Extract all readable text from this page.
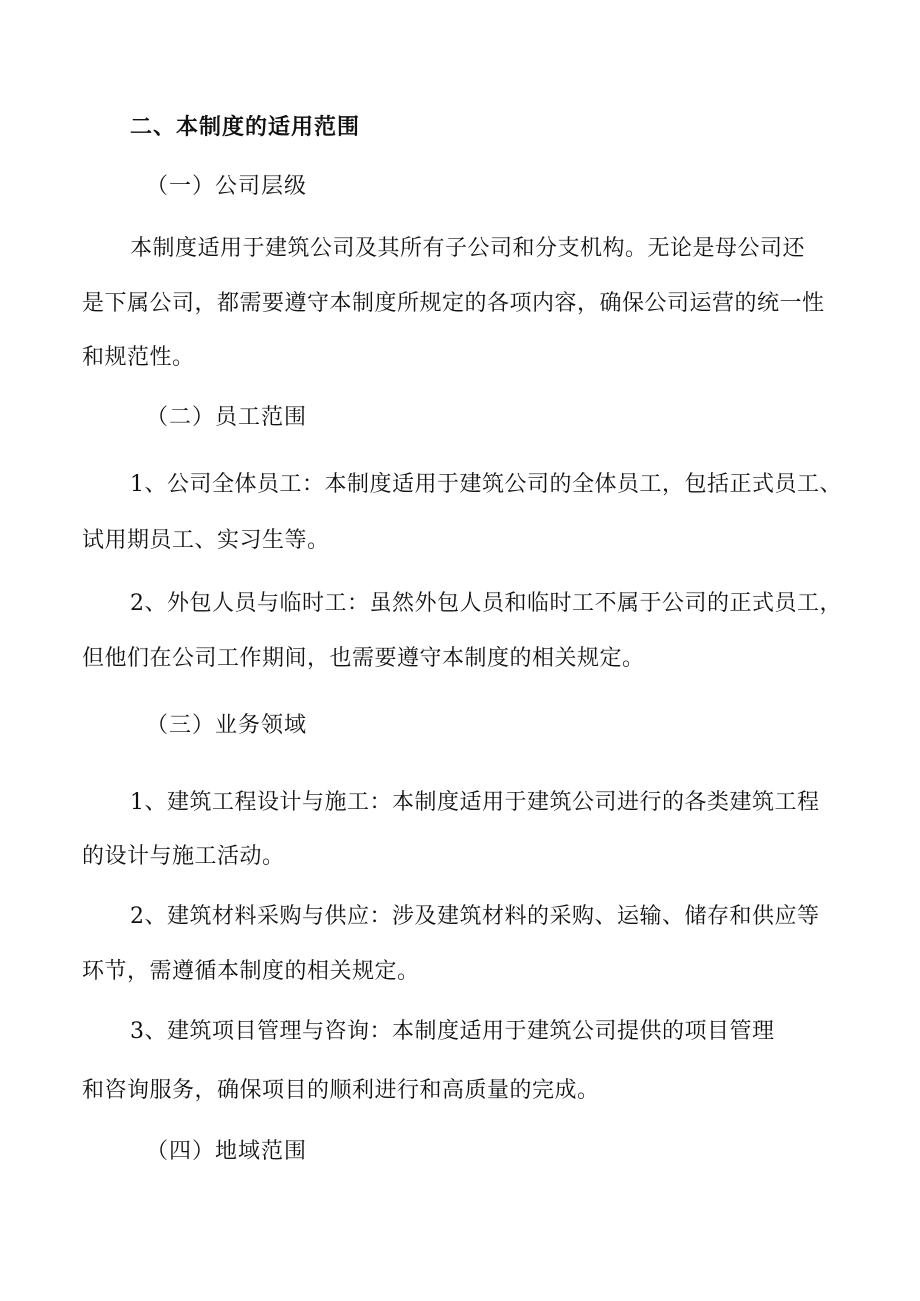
二、本制度的适用范围
（一）公司层级
本制度适用于建筑公司及其所有子公司和分支机构。无论是母公司还
是下属公司，都需要遵守本制度所规定的各项内容，确保公司运营的统一性
和规范性。
（二）员工范围
1、公司全体员工：本制度适用于建筑公司的全体员工，包括正式员工、
试用期员工、实习生等。
2、外包人员与临时工：虽然外包人员和临时工不属于公司的正式员工，
但他们在公司工作期间，也需要遵守本制度的相关规定。
（三）业务领域
1、建筑工程设计与施工：本制度适用于建筑公司进行的各类建筑工程
的设计与施工活动。
2、建筑材料采购与供应：涉及建筑材料的采购、运输、储存和供应等
环节，需遵循本制度的相关规定。
3、建筑项目管理与咨询：本制度适用于建筑公司提供的项目管理
和咨询服务，确保项目的顺利进行和高质量的完成。
（四）地域范围
